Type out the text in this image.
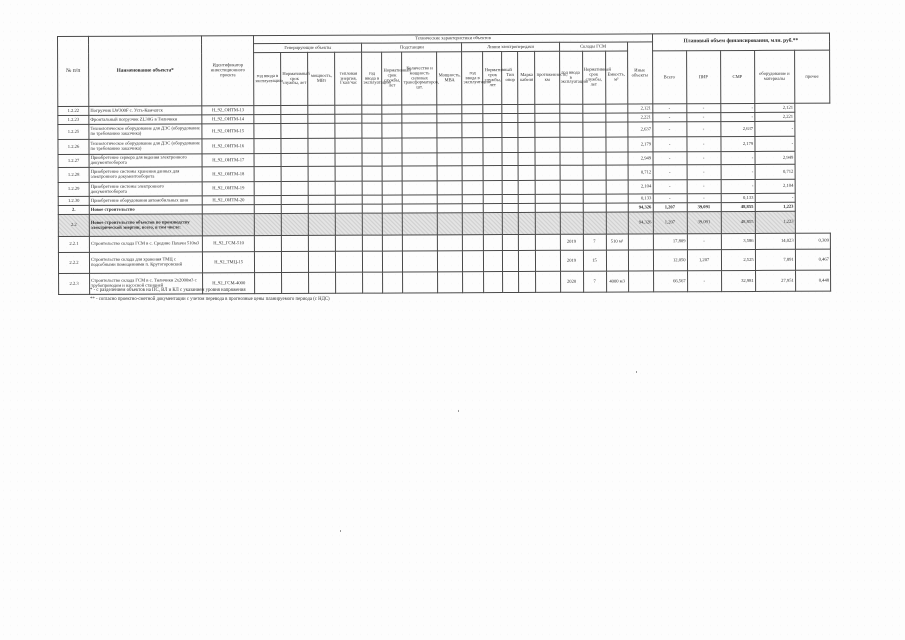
№ п/п	Наименование объекта*	Идентификатор инвестиционного проекта	Технические характеристики объектов																	Плановый объем финансирования, млн. руб.**				
			Генерирующие объекты				Подстанции				Линии электропередачи					Склады ГСМ			Иные объекты					
			год ввода в эксплуатацию	Нормативный срок службы, лет	мощность, МВт	тепловая энергия, Гкал/час	год ввода в эксплуатацию	Нормативный срок службы, лет	Количество и мощность силовых трансформаторов, шт.	Мощность, МВА	год ввода в эксплуатацию	Нормативный срок службы, лет	Тип опор	Марка кабеля	протяженность, км	год ввода в эксплуатацию	Нормативный срок службы, лет	Емкость, м³		Всего	ПИР	СМР	оборудование и материалы	прочее
1.2.22	Погрузчик LW300F с. Усть-Камчатск	H_92_OИТМ-13																	2,121	-	-	-	2,121	
1.2.23	Фронтальный погрузчик ZL30G в Тиличики	H_92_OИТМ-14																	2,221	-	-	-	2,221	
1.2.25	Технологическое оборудование для ДЭС (оборудование по требованию заказчика)	H_92_OИТМ-15																	2,637	-	-	2,637	-	
1.2.26	Технологическое оборудование для ДЭС (оборудование по требованию заказчика)	H_92_OИТМ-16																	2,179	-	-	2,179	-	
1.2.27	Приобретение сервера для ведения электронного документооборота	H_92_OИТМ-17																	2,949	-	-	-	2,949	
1.2.28	Приобретение системы хранения данных для электронного документооборота	H_92_OИТМ-18																	0,712	-	-	-	0,712	
1.2.29	Приобретение системы электронного документооборота	H_92_OИТМ-19																	2,104	-	-	-	2,104	
1.2.30	Приобретение оборудования автомобильных шин	H_92_OИТМ-20																	0,133	-	-	0,133	-	
2.	Новое строительство																		94,326	1,207	39,091	48,855	1,223	
2.2	Новое строительство объектов по производству электрической энергии, всего, в том числе:																		94,326	1,207	39,091	48,855	1,223	
2.2.1	Строительство склада ГСМ в с. Средние Пахачи 510м3	H_92_ГСМ-510														2019	7	510 м³		17,809	-	3,586	14,023	0,309
2.2.2	Строительство склада для хранения ТМЦ с подсобными помещениями п. Крутогоровский	H_92_ТМЦ-15														2019	15			12,050	1,207	2,525	7,891	0,467
2.2.3	Строительство склада ГСМ в с. Тиличики 2х2000м3 с трубопроводом и насосной станцией	H_92_ГСМ-4000														2020	7	4000 м3		66,567	-	32,981	27,951	0,448
* - с разделением объектов на ПС, ВЛ и КЛ с указанием уровня напряжения
** - согласно проектно-сметной документации с учетом перевода в прогнозные цены планируемого периода (с НДС)
